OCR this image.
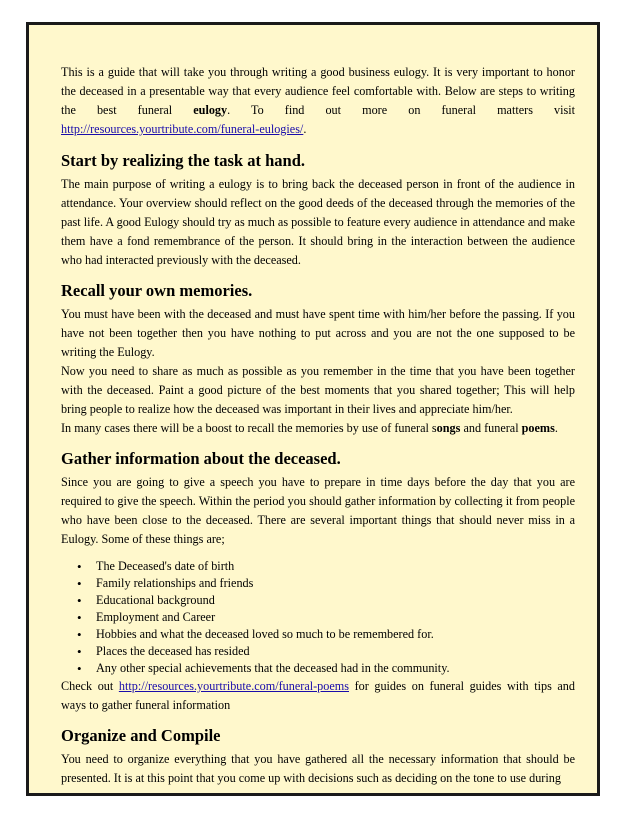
This is a guide that will take you through writing a good business eulogy. It is very important to honor the deceased in a presentable way that every audience feel comfortable with. Below are steps to writing the best funeral eulogy. To find out more on funeral matters visit http://resources.yourtribute.com/funeral-eulogies/.

Start by realizing the task at hand.

The main purpose of writing a eulogy is to bring back the deceased person in front of the audience in attendance. Your overview should reflect on the good deeds of the deceased through the memories of the past life. A good Eulogy should try as much as possible to feature every audience in attendance and make them have a fond remembrance of the person. It should bring in the interaction between the audience who had interacted previously with the deceased.

Recall your own memories.

You must have been with the deceased and must have spent time with him/her before the passing. If you have not been together then you have nothing to put across and you are not the one supposed to be writing the Eulogy.

Now you need to share as much as possible as you remember in the time that you have been together with the deceased. Paint a good picture of the best moments that you shared together; This will help bring people to realize how the deceased was important in their lives and appreciate him/her.

In many cases there will be a boost to recall the memories by use of funeral songs and funeral poems.

Gather information about the deceased.

Since you are going to give a speech you have to prepare in time days before the day that you are required to give the speech. Within the period you should gather information by collecting it from people who have been close to the deceased. There are several important things that should never miss in a Eulogy. Some of these things are;

• The Deceased's date of birth
• Family relationships and friends
• Educational background
• Employment and Career
• Hobbies and what the deceased loved so much to be remembered for.
• Places the deceased has resided
• Any other special achievements that the deceased had in the community.

Check out http://resources.yourtribute.com/funeral-poems for guides on funeral guides with tips and ways to gather funeral information

Organize and Compile

You need to organize everything that you have gathered all the necessary information that should be presented. It is at this point that you come up with decisions such as deciding on the tone to use during
